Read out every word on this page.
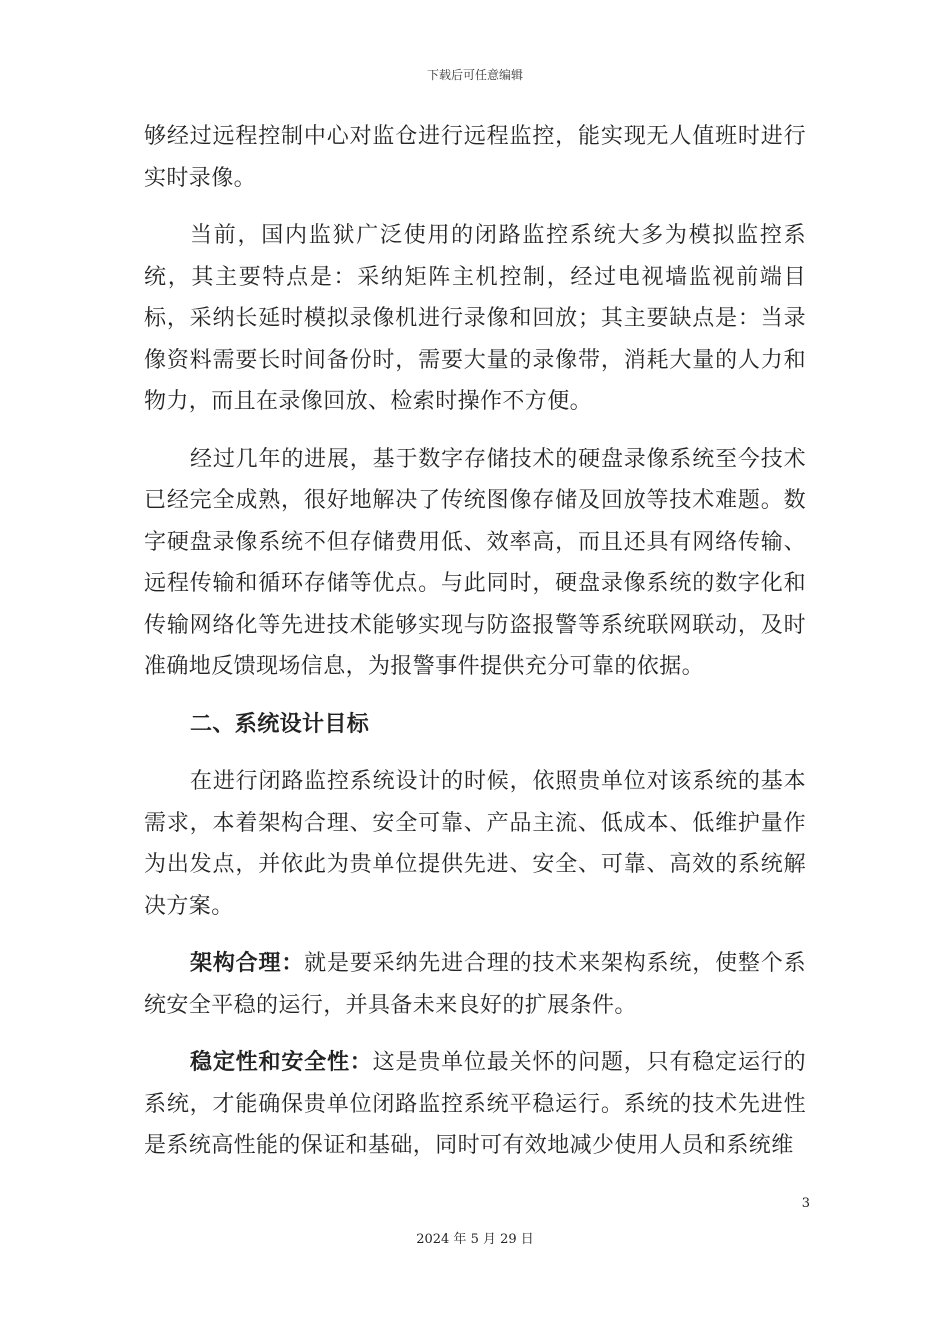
下载后可任意编辑

够经过远程控制中心对监仓进行远程监控，能实现无人值班时进行实时录像。

当前，国内监狱广泛使用的闭路监控系统大多为模拟监控系统，其主要特点是：采纳矩阵主机控制，经过电视墙监视前端目标，采纳长延时模拟录像机进行录像和回放；其主要缺点是：当录像资料需要长时间备份时，需要大量的录像带，消耗大量的人力和物力，而且在录像回放、检索时操作不方便。

经过几年的进展，基于数字存储技术的硬盘录像系统至今技术已经完全成熟，很好地解决了传统图像存储及回放等技术难题。数字硬盘录像系统不但存储费用低、效率高，而且还具有网络传输、远程传输和循环存储等优点。与此同时，硬盘录像系统的数字化和传输网络化等先进技术能够实现与防盗报警等系统联网联动，及时准确地反馈现场信息，为报警事件提供充分可靠的依据。

二、系统设计目标

在进行闭路监控系统设计的时候，依照贵单位对该系统的基本需求，本着架构合理、安全可靠、产品主流、低成本、低维护量作为出发点，并依此为贵单位提供先进、安全、可靠、高效的系统解决方案。

架构合理：就是要采纳先进合理的技术来架构系统，使整个系统安全平稳的运行，并具备未来良好的扩展条件。

稳定性和安全性：这是贵单位最关怀的问题，只有稳定运行的系统，才能确保贵单位闭路监控系统平稳运行。系统的技术先进性是系统高性能的保证和基础，同时可有效地减少使用人员和系统维

3
2024 年 5 月 29 日
